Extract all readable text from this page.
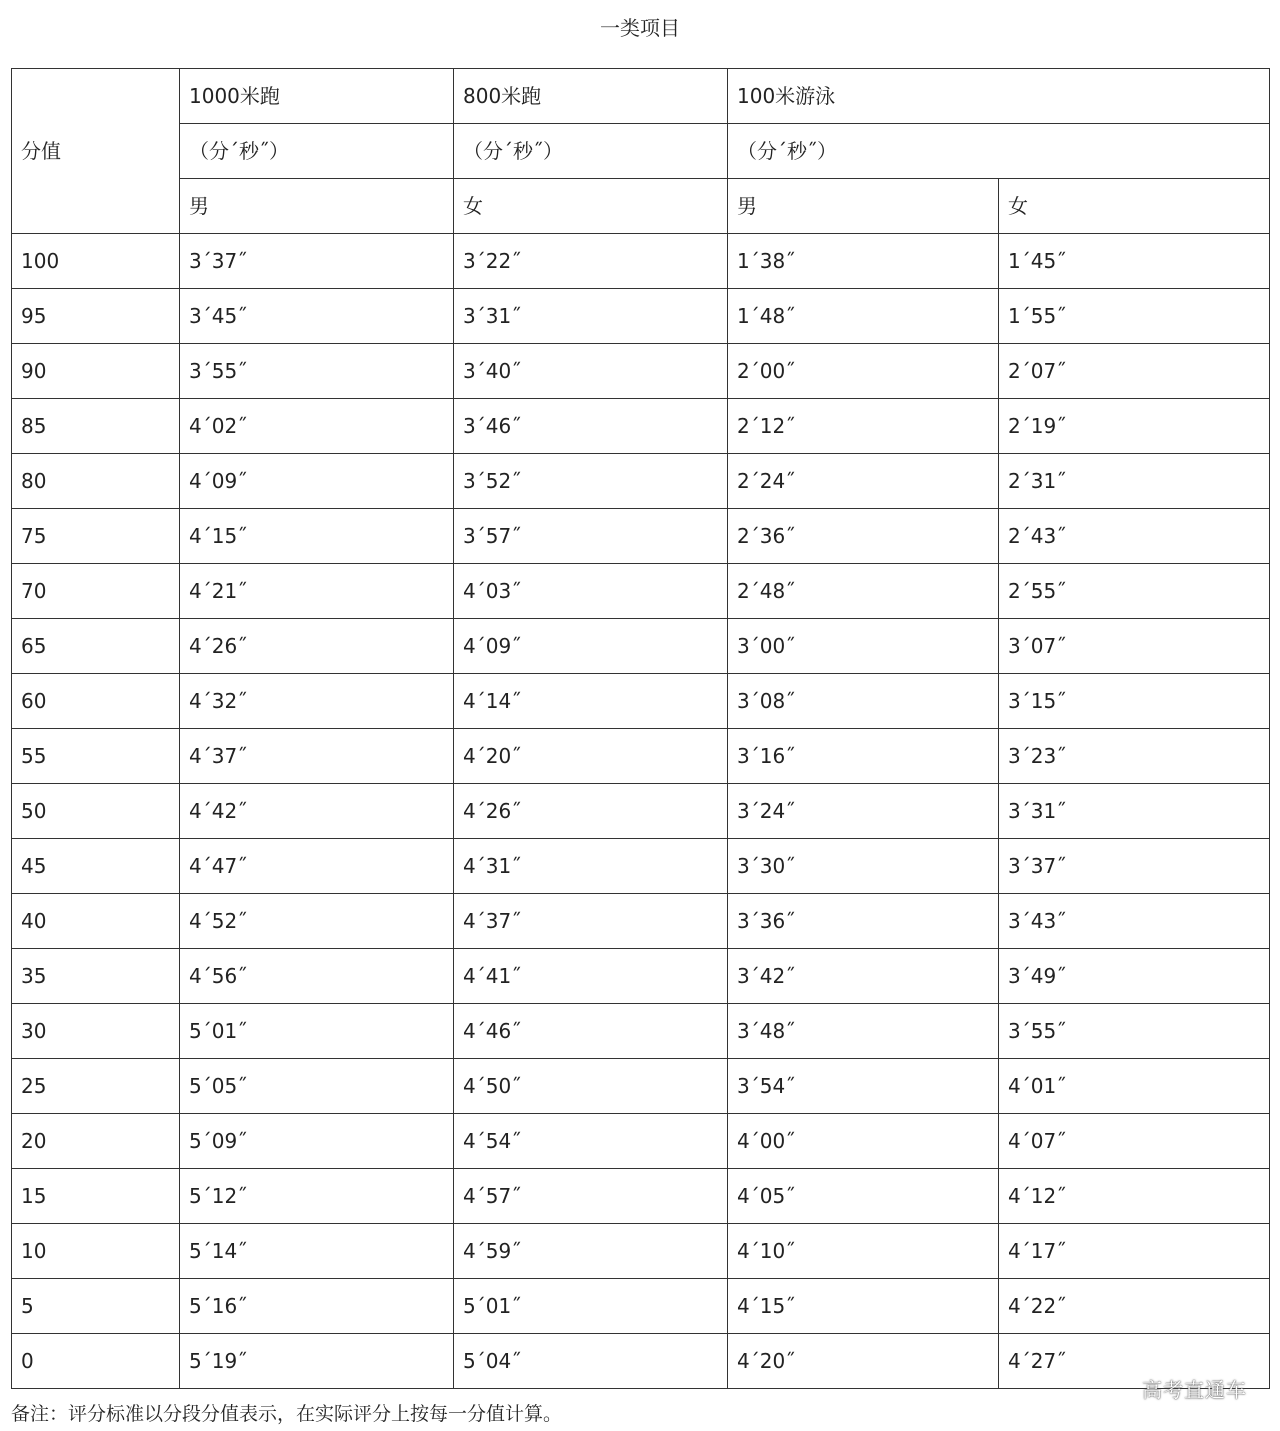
一类项目
分值	1000米跑	800米跑	100米游泳	
	（分´秒˝）	（分´秒˝）	（分´秒˝）	
	男	女	男	女
100	3´37˝	3´22˝	1´38˝	1´45˝
95	3´45˝	3´31˝	1´48˝	1´55˝
90	3´55˝	3´40˝	2´00˝	2´07˝
85	4´02˝	3´46˝	2´12˝	2´19˝
80	4´09˝	3´52˝	2´24˝	2´31˝
75	4´15˝	3´57˝	2´36˝	2´43˝
70	4´21˝	4´03˝	2´48˝	2´55˝
65	4´26˝	4´09˝	3´00˝	3´07˝
60	4´32˝	4´14˝	3´08˝	3´15˝
55	4´37˝	4´20˝	3´16˝	3´23˝
50	4´42˝	4´26˝	3´24˝	3´31˝
45	4´47˝	4´31˝	3´30˝	3´37˝
40	4´52˝	4´37˝	3´36˝	3´43˝
35	4´56˝	4´41˝	3´42˝	3´49˝
30	5´01˝	4´46˝	3´48˝	3´55˝
25	5´05˝	4´50˝	3´54˝	4´01˝
20	5´09˝	4´54˝	4´00˝	4´07˝
15	5´12˝	4´57˝	4´05˝	4´12˝
10	5´14˝	4´59˝	4´10˝	4´17˝
5	5´16˝	5´01˝	4´15˝	4´22˝
0	5´19˝	5´04˝	4´20˝	4´27˝
备注：评分标准以分段分值表示，在实际评分上按每一分值计算。
高考直通车
